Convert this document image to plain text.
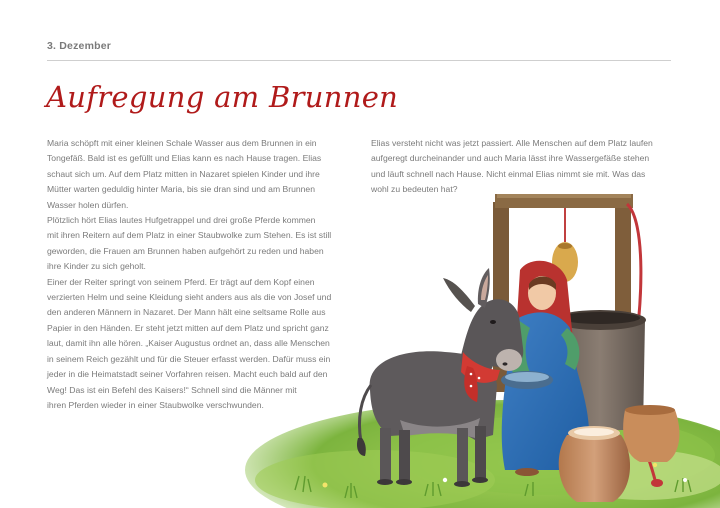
3. Dezember
Aufregung am Brunnen

Maria schöpft mit einer kleinen Schale Wasser aus dem Brunnen in ein

Tongefäß. Bald ist es gefüllt und Elias kann es nach Hause tragen. Elias

schaut sich um. Auf dem Platz mitten in Nazaret spielen Kinder und ihre

Mütter warten geduldig hinter Maria, bis sie dran sind und am Brunnen

Wasser holen dürfen.

Plötzlich hört Elias lautes Hufgetrappel und drei große Pferde kommen

mit ihren Reitern auf dem Platz in einer Staubwolke zum Stehen. Es ist still

geworden, die Frauen am Brunnen haben aufgehört zu reden und haben

ihre Kinder zu sich geholt.

Einer der Reiter springt von seinem Pferd. Er trägt auf dem Kopf einen

verzierten Helm und seine Kleidung sieht anders aus als die von Josef und

den anderen Männern in Nazaret. Der Mann hält eine seltsame Rolle aus

Papier in den Händen. Er steht jetzt mitten auf dem Platz und spricht ganz

laut, damit ihn alle hören. „Kaiser Augustus ordnet an, dass alle Menschen

in seinem Reich gezählt und für die Steuer erfasst werden. Dafür muss ein

jeder in die Heimatstadt seiner Vorfahren reisen. Macht euch bald auf den

Weg! Das ist ein Befehl des Kaisers!“ Schnell sind die Männer mit

ihren Pferden wieder in einer Staubwolke verschwunden.

Elias versteht nicht was jetzt passiert. Alle Menschen auf dem Platz laufen

aufgeregt durcheinander und auch Maria lässt ihre Wassergefäße stehen

und läuft schnell nach Hause. Nicht einmal Elias nimmt sie mit. Was das

wohl zu bedeuten hat?
